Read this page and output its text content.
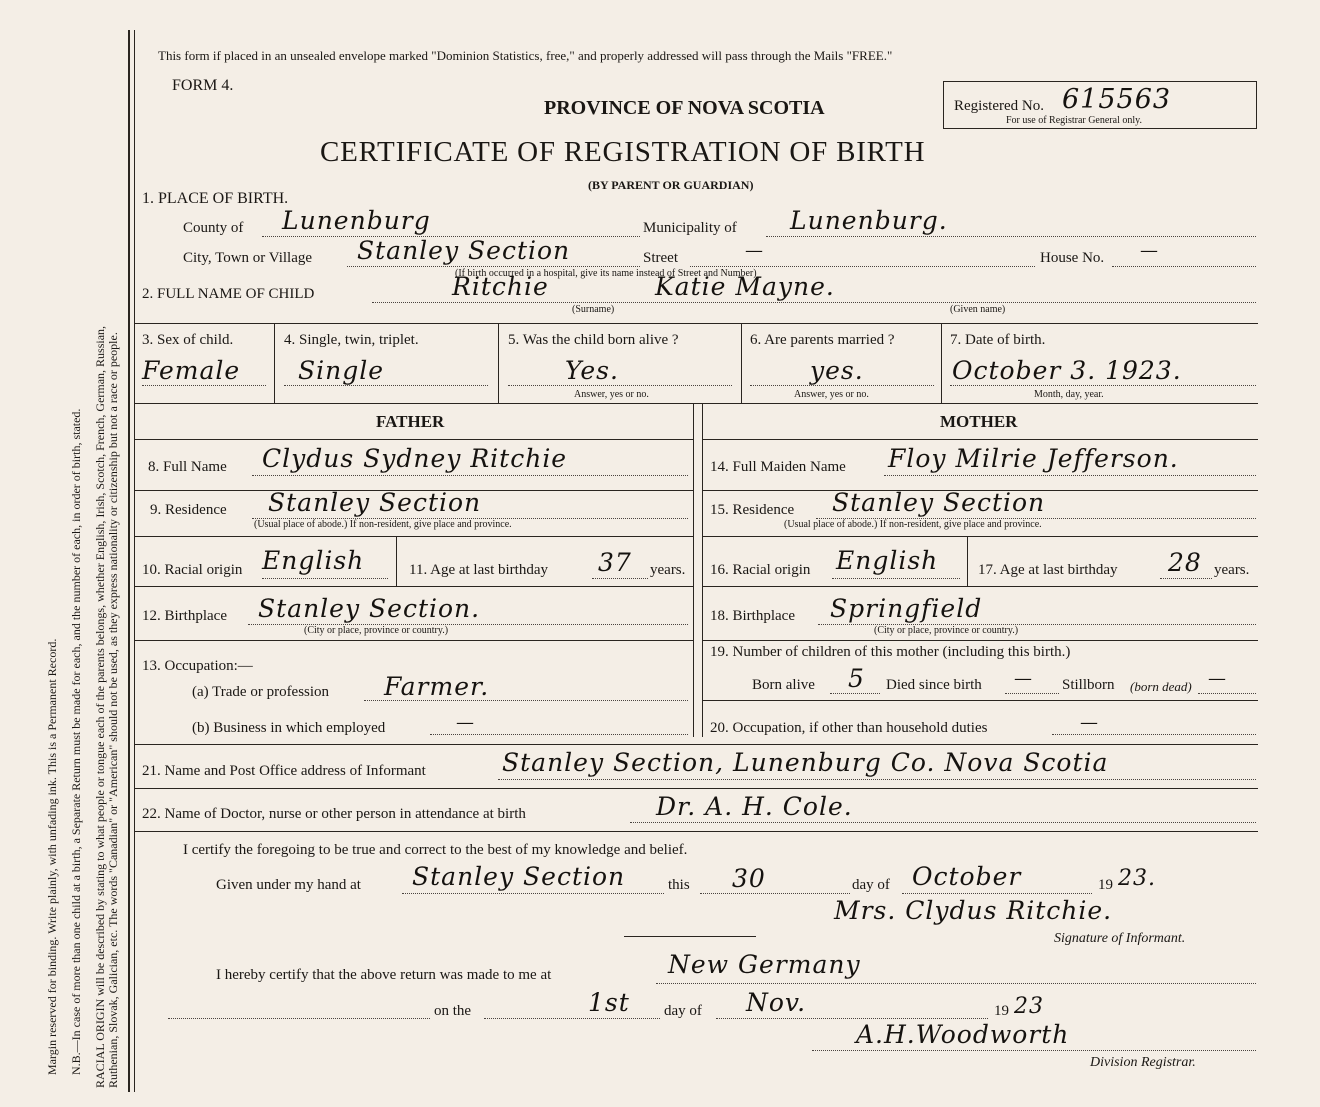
Margin reserved for binding. Write plainly, with unfading ink. This is a Permanent Record. N.B.—In case of more than one child at a birth, a Separate Return must be made for each, and the number of each, in order of birth, stated. RACIAL ORIGIN will be described by stating to what people or tongue each of the parents belongs, whether English, Irish, Scotch, French, German, Russian, Ruthenian, Slovak, Galician, etc. The words "Canadian" or "American" should not be used, as they express nationality or citizenship but not a race or people.
This form if placed in an unsealed envelope marked "Dominion Statistics, free," and properly addressed will pass through the Mails "FREE."
FORM 4.
PROVINCE OF NOVA SCOTIA	Registered No. 615563
For use of Registrar General only.
CERTIFICATE OF REGISTRATION OF BIRTH
(BY PARENT OR GUARDIAN)
1. PLACE OF BIRTH.
County of Lunenburg	Municipality of Lunenburg.
City, Town or Village Stanley Section	Street	—	House No. —
(If birth occurred in a hospital, give its name instead of Street and Number)
2. FULL NAME OF CHILD	Ritchie	Katie Mayne.
(Surname)	(Given name)
3. Sex of child.
Female
4. Single, twin, triplet.
Single
5. Was the child born alive ?
Yes.
Answer, yes or no.
6. Are parents married ?
yes.
Answer, yes or no.
7. Date of birth.
October 3. 1923.
Month, day, year.
FATHER	MOTHER
8. Full Name Clydus Sydney Ritchie
9. Residence Stanley Section
(Usual place of abode.) If non-resident, give place and province.
10. Racial origin English	11. Age at last birthday 37 years.
12. Birthplace Stanley Section.
(City or place, province or country.)
13. Occupation:—
(a) Trade or profession Farmer.
(b) Business in which employed	—
14. Full Maiden Name Floy Milrie Jefferson.
15. Residence Stanley Section
(Usual place of abode.) If non-resident, give place and province.
16. Racial origin English	17. Age at last birthday 28 years.
18. Birthplace Springfield
(City or place, province or country.)
19. Number of children of this mother (including this birth.)
Born alive 5 Died since birth — Stillborn (born dead) —
20. Occupation, if other than household duties	—
21. Name and Post Office address of Informant	Stanley Section, Lunenburg Co. Nova Scotia
22. Name of Doctor, nurse or other person in attendance at birth	Dr. A. H. Cole.
I certify the foregoing to be true and correct to the best of my knowledge and belief.
Given under my hand at Stanley Section	this 30	day of October	19 23.
Mrs. Clydus Ritchie.
Signature of Informant.
I hereby certify that the above return was made to me at	New Germany
on the	1st day of Nov.	19 23
A.H.Woodworth
Division Registrar.
